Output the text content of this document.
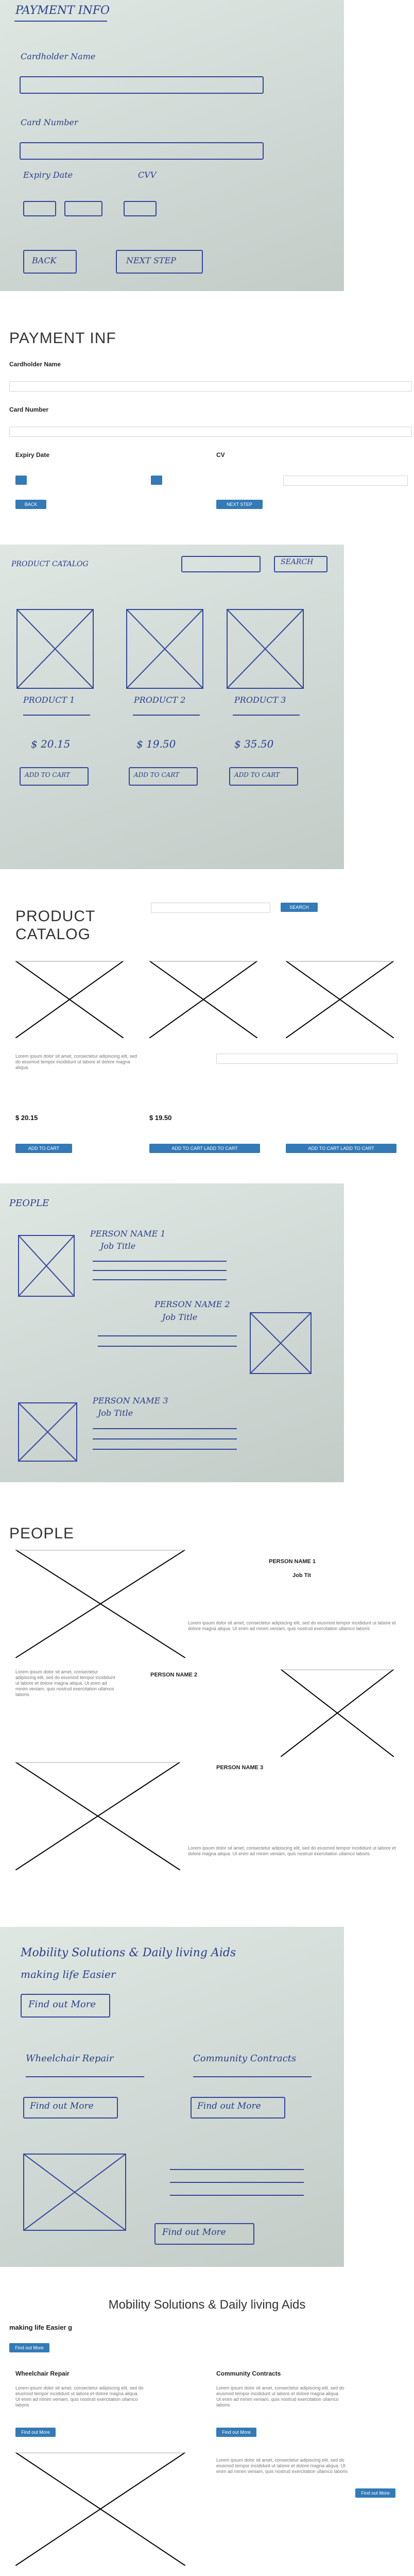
PAYMENT INFO
Cardholder Name
Card Number
Expiry Date	CVV
BACK	NEXT STEP
PAYMENT INF
Cardholder Name
Card Number
Expiry Date	CV
BACK	NEXT STEP
PRODUCT CATALOG	SEARCH
PRODUCT 1	PRODUCT 2	PRODUCT 3
$ 20.15	$ 19.50	$ 35.50
ADD TO CART	ADD TO CART	ADD TO CART
PRODUCT
CATALOG
SEARCH
Lorem ipsum dolor sit amet, consectetur adipiscing elit, sed do eiusmod tempor incididunt ut labore et dolore magna aliqua.
$ 20.15	$ 19.50
ADD TO CART	ADD TO CART LADD TO CART	ADD TO CART LADD TO CART
PEOPLE
PERSON NAME 1
Job Title
PERSON NAME 2
Job Title
PERSON NAME 3
Job Title
PEOPLE
PERSON NAME 1
Job Tit
Lorem ipsum dolor sit amet, consectetur adipiscing elit, sed do eiusmod tempor incididunt ut labore et dolore magna aliqua. Ut enim ad minim veniam, quis nostrud exercitation ullamco laboris
Lorem ipsum dolor sit amet, consectetur adipiscing elit, sed do eiusmod tempor incididunt ut labore et dolore magna aliqua. Ut enim ad minim veniam, quis nostrud exercitation ullamco laboris
PERSON NAME 2
PERSON NAME 3
Lorem ipsum dolor sit amet, consectetur adipiscing elit, sed do eiusmod tempor incididunt ut labore et dolore magna aliqua. Ut enim ad minim veniam, quis nostrud exercitation ullamco laboris
Mobility Solutions & Daily living Aids
making life Easier
Find out More
Wheelchair Repair	Community Contracts
Find out More	Find out More
Find out More
Mobility Solutions & Daily living Aids
making life Easier g
Find out More
Wheelchair Repair	Community Contracts
Lorem ipsum dolor sit amet, consectetur adipiscing elit, sed do eiusmod tempor incididunt ut labore et dolore magna aliqua. Ut enim ad minim veniam, quis nostrud exercitation ullamco laboris
Lorem ipsum dolor sit amet, consectetur adipiscing elit, sed do eiusmod tempor incididunt ut labore et dolore magna aliqua. Ut enim ad minim veniam, quis nostrud exercitation ullamco laboris
Find out More	Find out More
Lorem ipsum dolor sit amet, consectetur adipiscing elit, sed do eiusmod tempor incididunt ut labore et dolore magna aliqua. Ut enim ad minim veniam, quis nostrud exercitation ullamco laboris
Find out More
